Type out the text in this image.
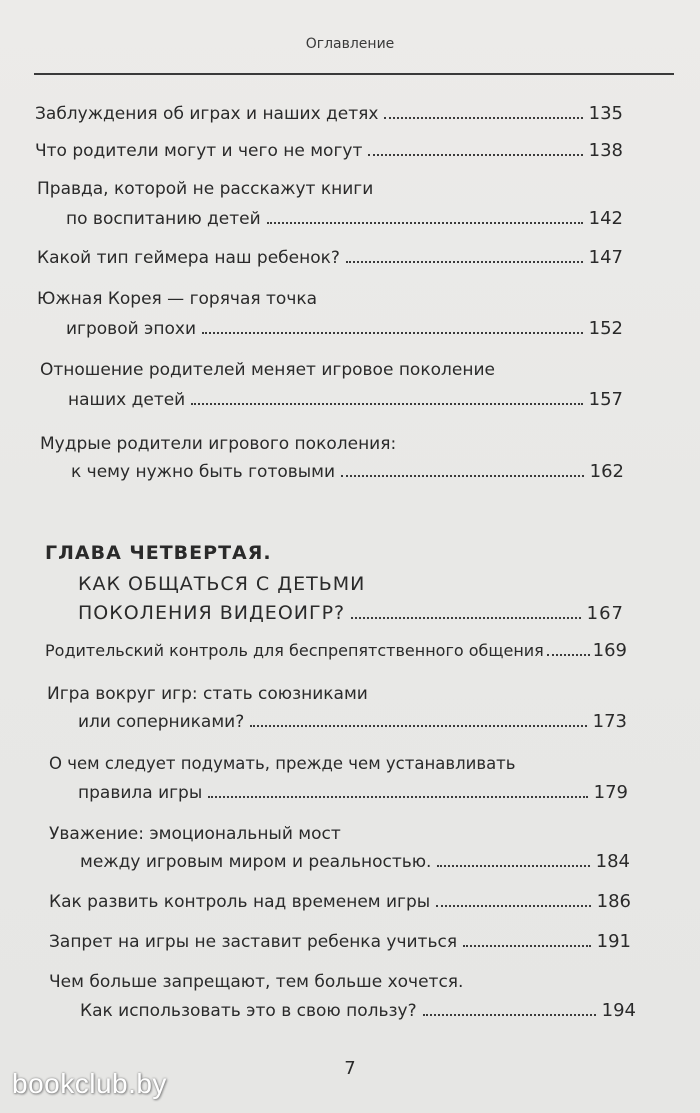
Оглавление
Заблуждения об играх и наших детях	135
Что родители могут и чего не могут	138
Правда, которой не расскажут книги
по воспитанию детей	142
Какой тип геймера наш ребенок?	147
Южная Корея — горячая точка
игровой эпохи	152
Отношение родителей меняет игровое поколение
наших детей	157
Мудрые родители игрового поколения:
к чему нужно быть готовыми	162
ГЛАВА ЧЕТВЕРТАЯ.
КАК ОБЩАТЬСЯ С ДЕТЬМИ
ПОКОЛЕНИЯ ВИДЕОИГР?	167
Родительский контроль для беспрепятственного общения	169
Игра вокруг игр: стать союзниками
или соперниками?	173
О чем следует подумать, прежде чем устанавливать
правила игры	179
Уважение: эмоциональный мост
между игровым миром и реальностью.	184
Как развить контроль над временем игры	186
Запрет на игры не заставит ребенка учиться	191
Чем больше запрещают, тем больше хочется.
Как использовать это в свою пользу?	194
7
bookclub.by
